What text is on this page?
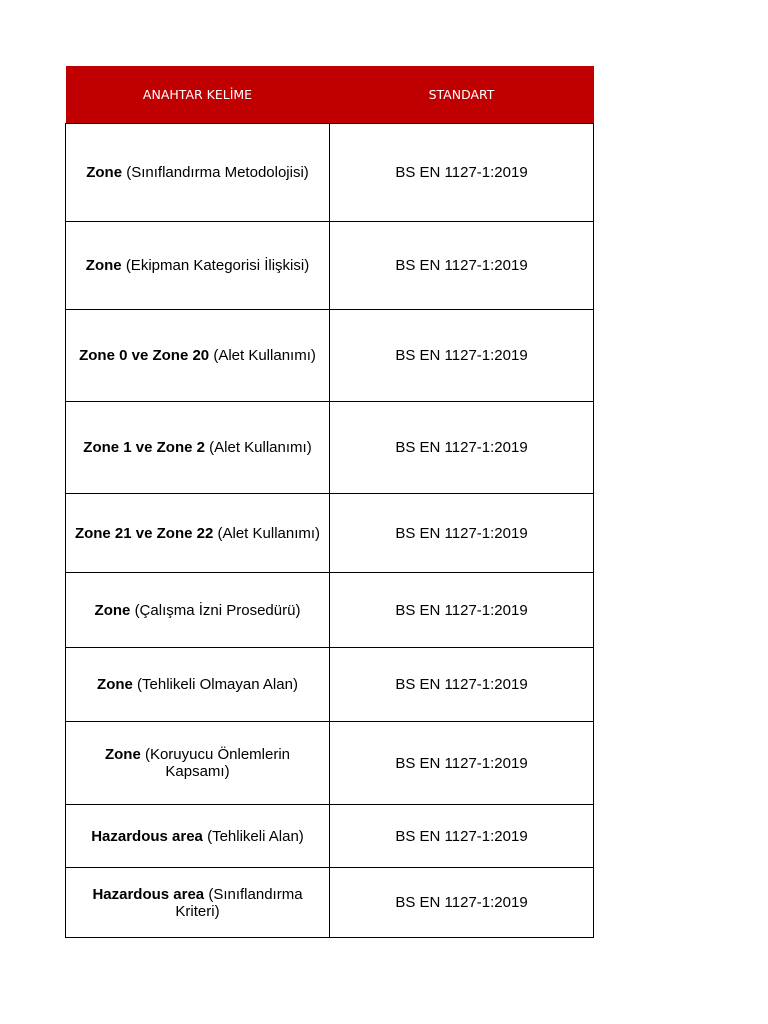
ANAHTAR KELİME	STANDART
Zone (Sınıflandırma Metodolojisi)	BS EN 1127-1:2019
Zone (Ekipman Kategorisi İlişkisi)	BS EN 1127-1:2019
Zone 0 ve Zone 20 (Alet Kullanımı)	BS EN 1127-1:2019
Zone 1 ve Zone 2 (Alet Kullanımı)	BS EN 1127-1:2019
Zone 21 ve Zone 22 (Alet Kullanımı)	BS EN 1127-1:2019
Zone (Çalışma İzni Prosedürü)	BS EN 1127-1:2019
Zone (Tehlikeli Olmayan Alan)	BS EN 1127-1:2019
Zone (Koruyucu Önlemlerin Kapsamı)	BS EN 1127-1:2019
Hazardous area (Tehlikeli Alan)	BS EN 1127-1:2019
Hazardous area (Sınıflandırma Kriteri)	BS EN 1127-1:2019
